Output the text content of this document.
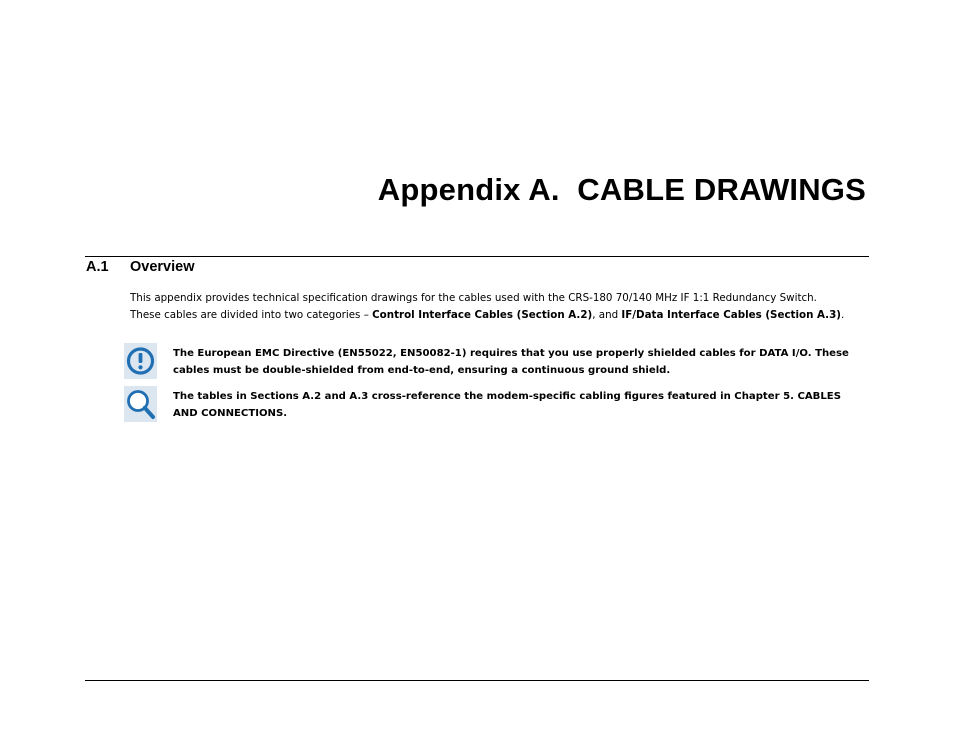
Appendix A.  CABLE DRAWINGS
A.1	Overview

This appendix provides technical specification drawings for the cables used with the CRS-180 70/140 MHz IF 1:1 Redundancy Switch.
These cables are divided into two categories – Control Interface Cables (Section A.2), and IF/Data Interface Cables (Section A.3).

The European EMC Directive (EN55022, EN50082-1) requires that you use properly shielded cables for DATA I/O. These cables must be double-shielded from end-to-end, ensuring a continuous ground shield.

The tables in Sections A.2 and A.3 cross-reference the modem-specific cabling figures featured in Chapter 5. CABLES AND CONNECTIONS.
